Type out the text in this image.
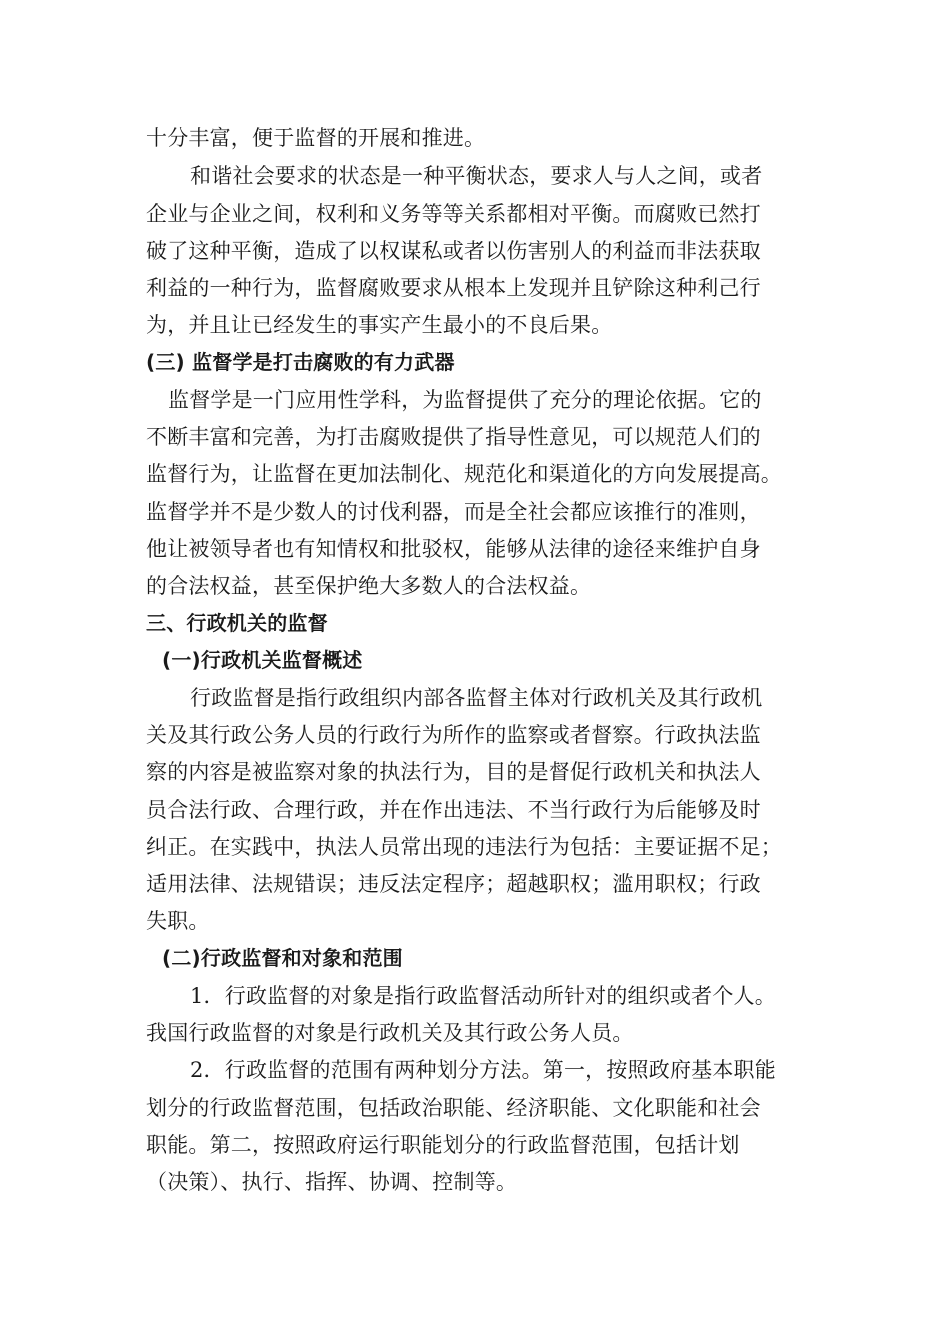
十分丰富，便于监督的开展和推进。
和谐社会要求的状态是一种平衡状态，要求人与人之间，或者
企业与企业之间，权利和义务等等关系都相对平衡。而腐败已然打
破了这种平衡，造成了以权谋私或者以伤害别人的利益而非法获取
利益的一种行为，监督腐败要求从根本上发现并且铲除这种利己行
为，并且让已经发生的事实产生最小的不良后果。
(三) 监督学是打击腐败的有力武器
监督学是一门应用性学科，为监督提供了充分的理论依据。它的
不断丰富和完善，为打击腐败提供了指导性意见，可以规范人们的
监督行为，让监督在更加法制化、规范化和渠道化的方向发展提高。
监督学并不是少数人的讨伐利器，而是全社会都应该推行的准则，
他让被领导者也有知情权和批驳权，能够从法律的途径来维护自身
的合法权益，甚至保护绝大多数人的合法权益。
三、行政机关的监督
(一)行政机关监督概述
行政监督是指行政组织内部各监督主体对行政机关及其行政机
关及其行政公务人员的行政行为所作的监察或者督察。行政执法监
察的内容是被监察对象的执法行为，目的是督促行政机关和执法人
员合法行政、合理行政，并在作出违法、不当行政行为后能够及时
纠正。在实践中，执法人员常出现的违法行为包括：主要证据不足；
适用法律、法规错误；违反法定程序；超越职权；滥用职权；行政
失职。
(二)行政监督和对象和范围
1．行政监督的对象是指行政监督活动所针对的组织或者个人。
我国行政监督的对象是行政机关及其行政公务人员。
2．行政监督的范围有两种划分方法。第一，按照政府基本职能
划分的行政监督范围，包括政治职能、经济职能、文化职能和社会
职能。第二，按照政府运行职能划分的行政监督范围，包括计划
（决策）、执行、指挥、协调、控制等。
